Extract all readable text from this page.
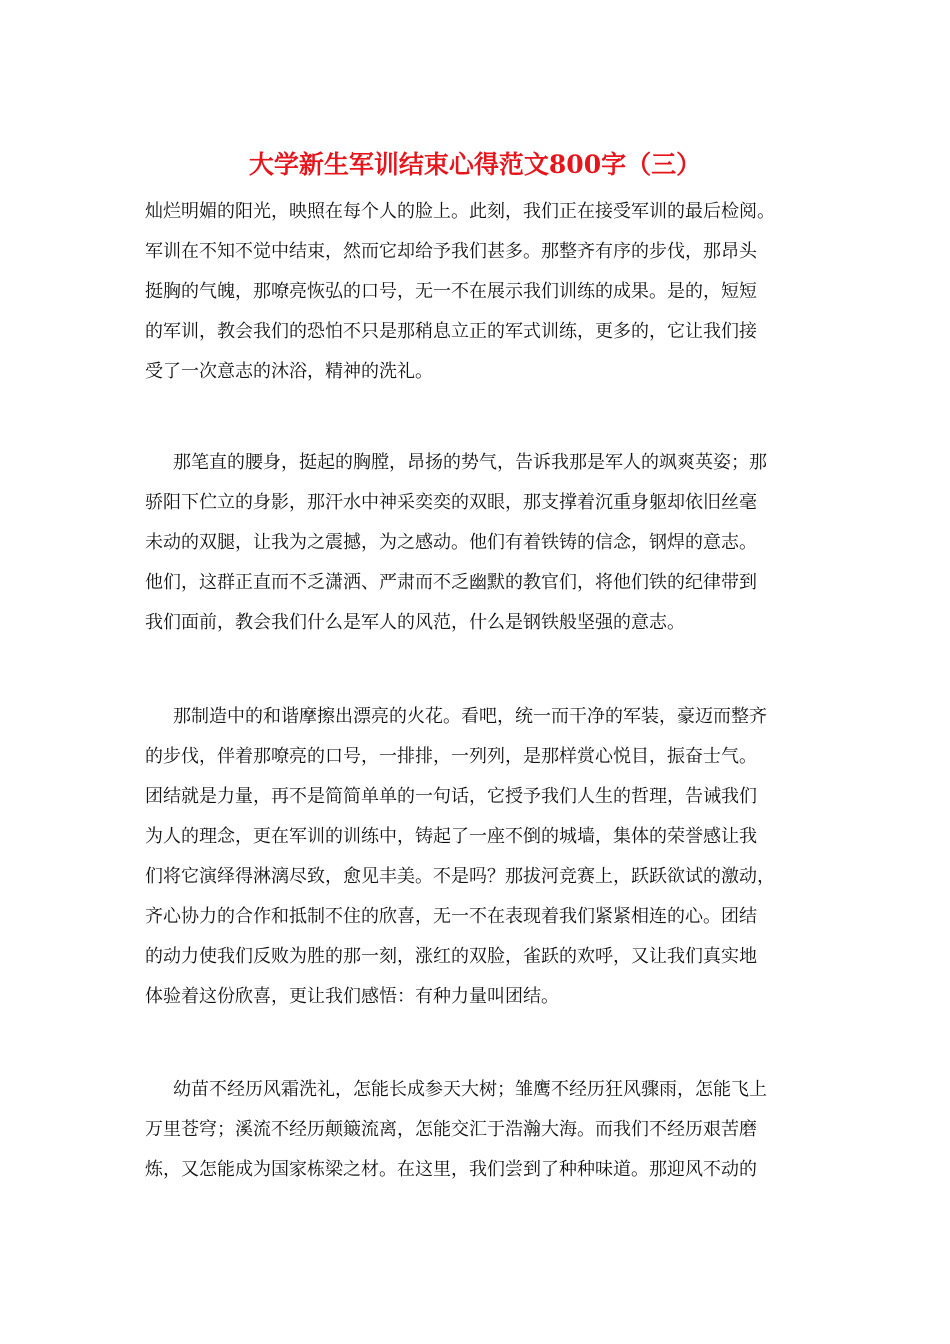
大学新生军训结束心得范文800字（三）
灿烂明媚的阳光，映照在每个人的脸上。此刻，我们正在接受军训的最后检阅。
军训在不知不觉中结束，然而它却给予我们甚多。那整齐有序的步伐，那昂头
挺胸的气魄，那嘹亮恢弘的口号，无一不在展示我们训练的成果。是的，短短
的军训，教会我们的恐怕不只是那稍息立正的军式训练，更多的，它让我们接
受了一次意志的沐浴，精神的洗礼。
那笔直的腰身，挺起的胸膛，昂扬的势气，告诉我那是军人的飒爽英姿；那
骄阳下伫立的身影，那汗水中神采奕奕的双眼，那支撑着沉重身躯却依旧丝毫
未动的双腿，让我为之震撼，为之感动。他们有着铁铸的信念，钢焊的意志。
他们，这群正直而不乏潇洒、严肃而不乏幽默的教官们，将他们铁的纪律带到
我们面前，教会我们什么是军人的风范，什么是钢铁般坚强的意志。
那制造中的和谐摩擦出漂亮的火花。看吧，统一而干净的军装，豪迈而整齐
的步伐，伴着那嘹亮的口号，一排排，一列列，是那样赏心悦目，振奋士气。
团结就是力量，再不是简简单单的一句话，它授予我们人生的哲理，告诫我们
为人的理念，更在军训的训练中，铸起了一座不倒的城墙，集体的荣誉感让我
们将它演绎得淋漓尽致，愈见丰美。不是吗？那拔河竞赛上，跃跃欲试的激动，
齐心协力的合作和抵制不住的欣喜，无一不在表现着我们紧紧相连的心。团结
的动力使我们反败为胜的那一刻，涨红的双脸，雀跃的欢呼，又让我们真实地
体验着这份欣喜，更让我们感悟：有种力量叫团结。
幼苗不经历风霜洗礼，怎能长成参天大树；雏鹰不经历狂风骤雨，怎能飞上
万里苍穹；溪流不经历颠簸流离，怎能交汇于浩瀚大海。而我们不经历艰苦磨
炼，又怎能成为国家栋梁之材。在这里，我们尝到了种种味道。那迎风不动的
